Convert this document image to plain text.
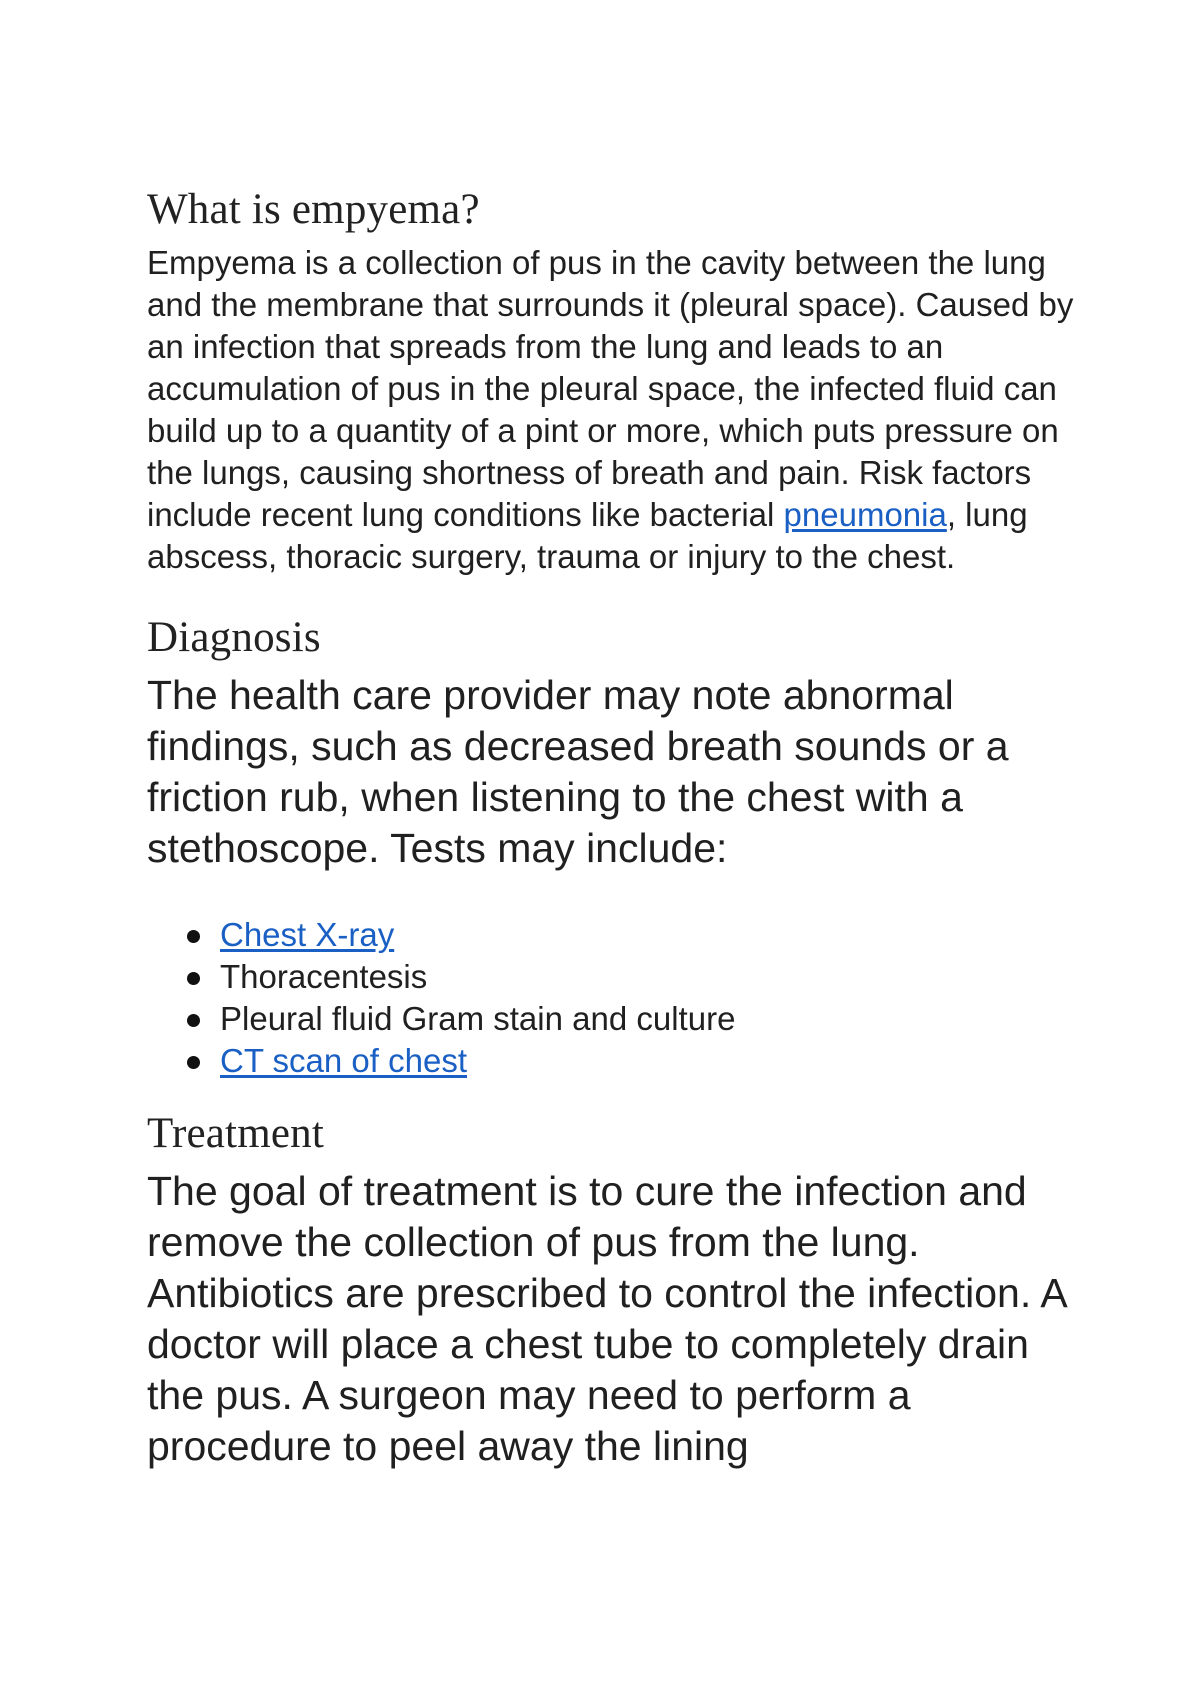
What is empyema?

Empyema is a collection of pus in the cavity between the lung and the membrane that surrounds it (pleural space). Caused by an infection that spreads from the lung and leads to an accumulation of pus in the pleural space, the infected fluid can build up to a quantity of a pint or more, which puts pressure on the lungs, causing shortness of breath and pain. Risk factors include recent lung conditions like bacterial pneumonia, lung abscess, thoracic surgery, trauma or injury to the chest.

Diagnosis

The health care provider may note abnormal findings, such as decreased breath sounds or a friction rub, when listening to the chest with a stethoscope. Tests may include:

Chest X-ray
Thoracentesis
Pleural fluid Gram stain and culture
CT scan of chest
Treatment

The goal of treatment is to cure the infection and remove the collection of pus from the lung. Antibiotics are prescribed to control the infection. A doctor will place a chest tube to completely drain the pus. A surgeon may need to perform a procedure to peel away the lining
